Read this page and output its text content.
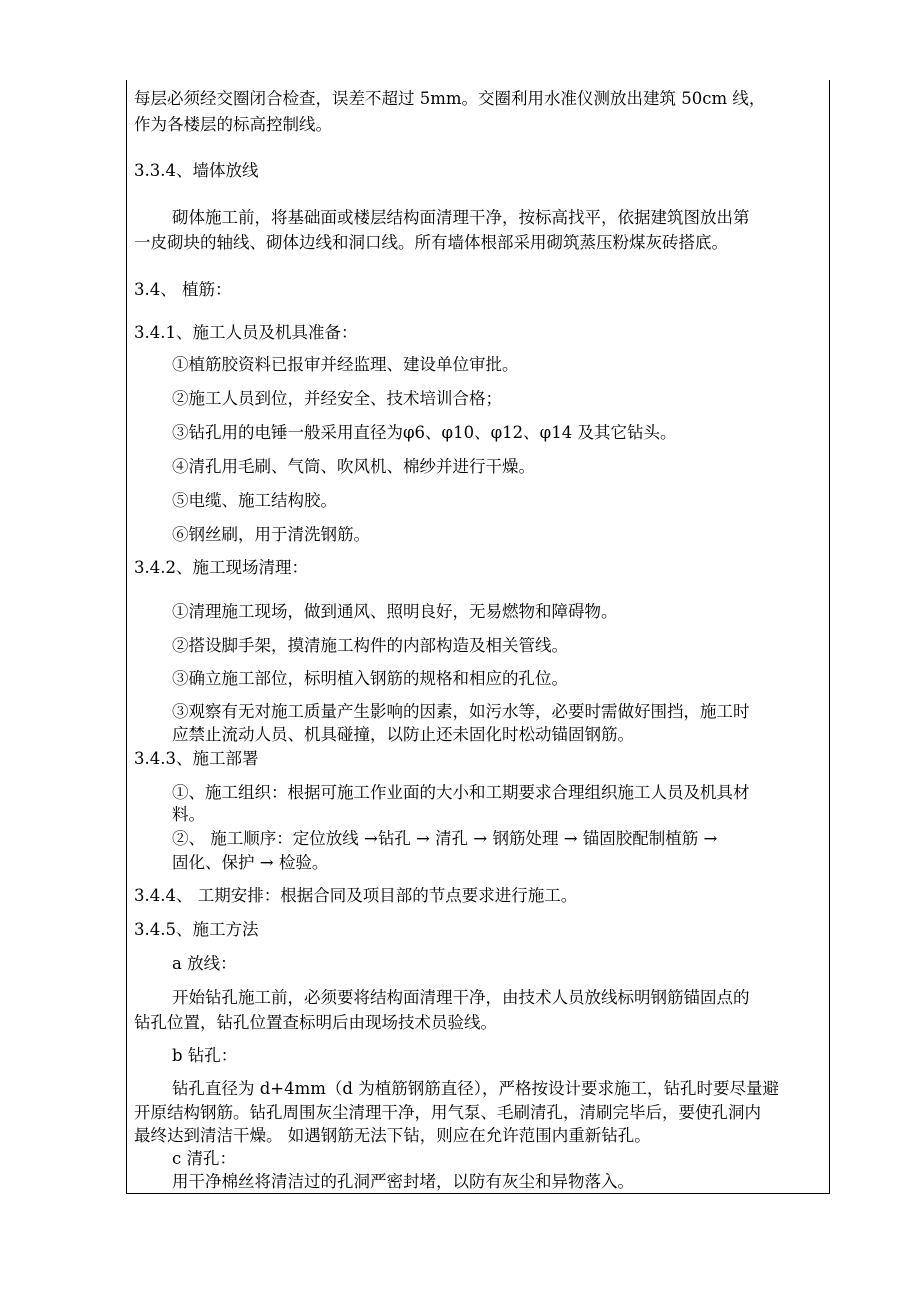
每层必须经交圈闭合检查，误差不超过 5mm。交圈利用水准仪测放出建筑 50cm 线，
作为各楼层的标高控制线。
3.3.4、墙体放线
砌体施工前，将基础面或楼层结构面清理干净，按标高找平，依据建筑图放出第
一皮砌块的轴线、砌体边线和洞口线。所有墙体根部采用砌筑蒸压粉煤灰砖搭底。
3.4、 植筋：
3.4.1、施工人员及机具准备：
①植筋胶资料已报审并经监理、建设单位审批。
②施工人员到位，并经安全、技术培训合格；
③钻孔用的电锤一般采用直径为φ6、φ10、φ12、φ14 及其它钻头。
④清孔用毛刷、气筒、吹风机、棉纱并进行干燥。
⑤电缆、施工结构胶。
⑥钢丝刷，用于清洗钢筋。
3.4.2、施工现场清理：
①清理施工现场，做到通风、照明良好，无易燃物和障碍物。
②搭设脚手架，摸清施工构件的内部构造及相关管线。
③确立施工部位，标明植入钢筋的规格和相应的孔位。
③观察有无对施工质量产生影响的因素，如污水等，必要时需做好围挡，施工时
应禁止流动人员、机具碰撞，以防止还未固化时松动锚固钢筋。
3.4.3、施工部署
①、施工组织：根据可施工作业面的大小和工期要求合理组织施工人员及机具材
料。
②、 施工顺序：定位放线 →钻孔 → 清孔 → 钢筋处理 → 锚固胶配制植筋 →
固化、保护 → 检验。
3.4.4、 工期安排：根据合同及项目部的节点要求进行施工。
3.4.5、施工方法
a 放线：
开始钻孔施工前，必须要将结构面清理干净，由技术人员放线标明钢筋锚固点的
钻孔位置，钻孔位置查标明后由现场技术员验线。
b 钻孔：
钻孔直径为 d+4mm（d 为植筋钢筋直径），严格按设计要求施工，钻孔时要尽量避
开原结构钢筋。钻孔周围灰尘清理干净，用气泵、毛刷清孔，清刷完毕后，要使孔洞内
最终达到清洁干燥。 如遇钢筋无法下钻，则应在允许范围内重新钻孔。
c 清孔：
用干净棉丝将清洁过的孔洞严密封堵，以防有灰尘和异物落入。
